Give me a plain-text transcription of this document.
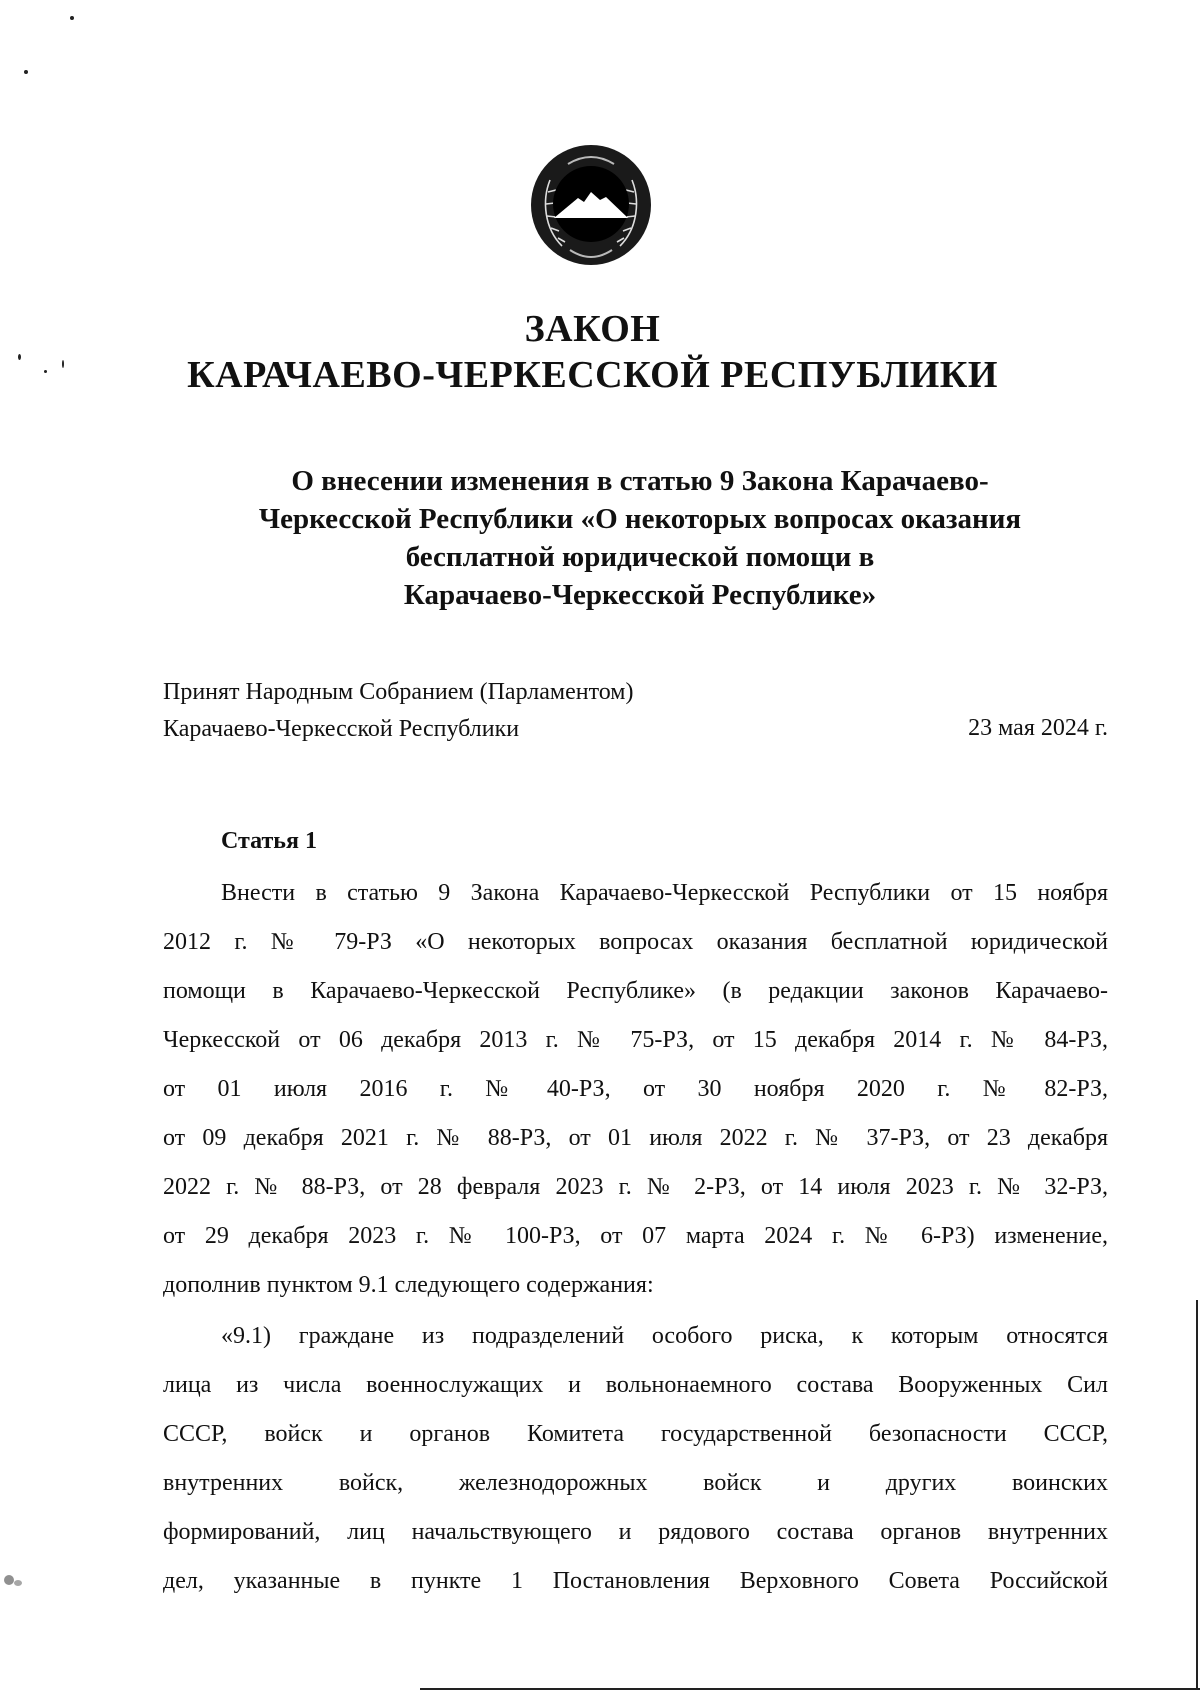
ЗАКОН
КАРАЧАЕВО-ЧЕРКЕССКОЙ РЕСПУБЛИКИ
О внесении изменения в статью 9 Закона Карачаево-
Черкесской Республики «О некоторых вопросах оказания
бесплатной юридической помощи в
Карачаево-Черкесской Республике»
Принят Народным Собранием (Парламентом)
Карачаево-Черкесской Республики	23 мая 2024 г.
Статья 1
Внести в статью 9 Закона Карачаево-Черкесской Республики от 15 ноября
2012 г. № 79-РЗ «О некоторых вопросах оказания бесплатной юридической
помощи в Карачаево-Черкесской Республике» (в редакции законов Карачаево-
Черкесской от 06 декабря 2013 г. № 75-РЗ, от 15 декабря 2014 г. № 84-РЗ,
от 01 июля 2016 г. № 40-РЗ, от 30 ноября 2020 г. № 82-РЗ,
от 09 декабря 2021 г. № 88-РЗ, от 01 июля 2022 г. № 37-РЗ, от 23 декабря
2022 г. № 88-РЗ, от 28 февраля 2023 г. № 2-РЗ, от 14 июля 2023 г. № 32-РЗ,
от 29 декабря 2023 г. № 100-РЗ, от 07 марта 2024 г. № 6-РЗ) изменение,
дополнив пунктом 9.1 следующего содержания:
«9.1) граждане из подразделений особого риска, к которым относятся
лица из числа военнослужащих и вольнонаемного состава Вооруженных Сил
СССР, войск и органов Комитета государственной безопасности СССР,
внутренних войск, железнодорожных войск и других воинских
формирований, лиц начальствующего и рядового состава органов внутренних
дел, указанные в пункте 1 Постановления Верховного Совета Российской
